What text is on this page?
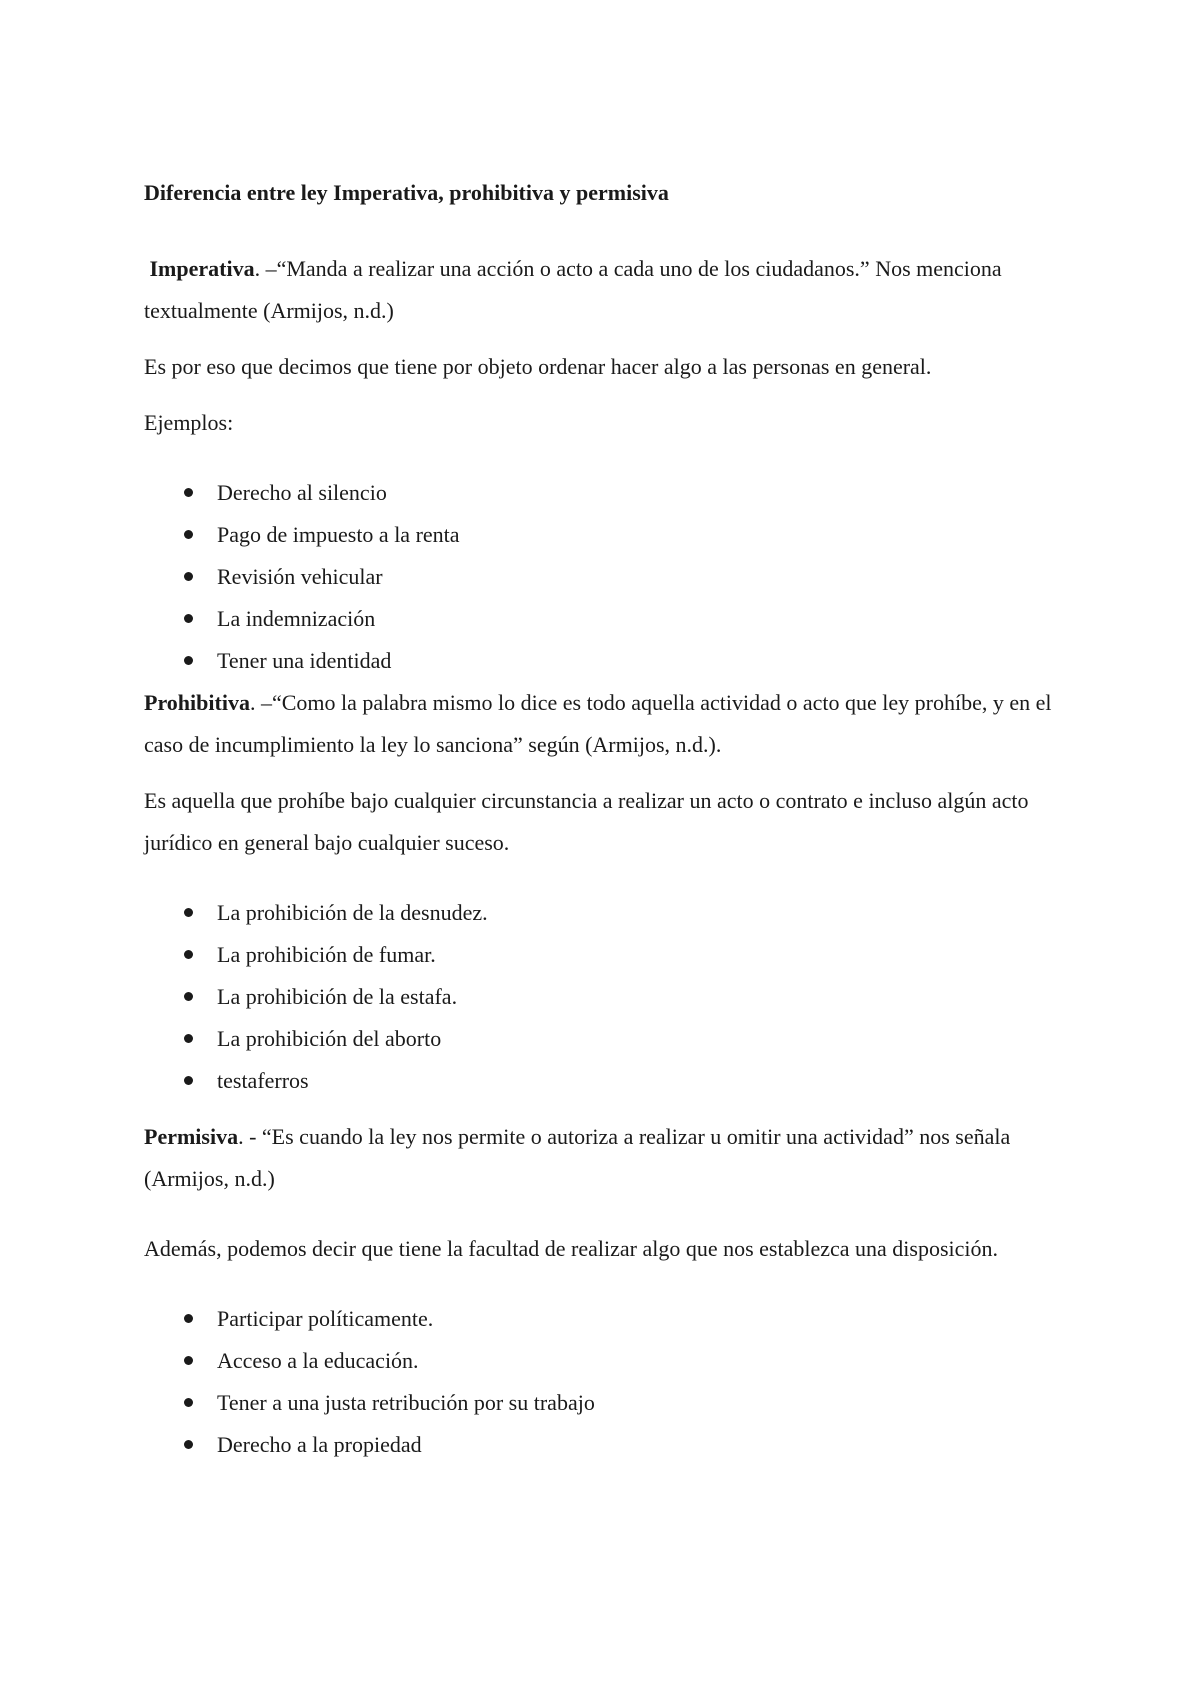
Diferencia entre ley Imperativa, prohibitiva y permisiva

Imperativa. –“Manda a realizar una acción o acto a cada uno de los ciudadanos.” Nos menciona textualmente (Armijos, n.d.)

Es por eso que decimos que tiene por objeto ordenar hacer algo a las personas en general.

Ejemplos:

Derecho al silencio
Pago de impuesto a la renta
Revisión vehicular
La indemnización
Tener una identidad

Prohibitiva. –“Como la palabra mismo lo dice es todo aquella actividad o acto que ley prohíbe, y en el caso de incumplimiento la ley lo sanciona” según (Armijos, n.d.).

Es aquella que prohíbe bajo cualquier circunstancia a realizar un acto o contrato e incluso algún acto jurídico en general bajo cualquier suceso.

La prohibición de la desnudez.
La prohibición de fumar.
La prohibición de la estafa.
La prohibición del aborto
testaferros

Permisiva. - “Es cuando la ley nos permite o autoriza a realizar u omitir una actividad” nos señala (Armijos, n.d.)

Además, podemos decir que tiene la facultad de realizar algo que nos establezca una disposición.

Participar políticamente.
Acceso a la educación.
Tener a una justa retribución por su trabajo
Derecho a la propiedad
